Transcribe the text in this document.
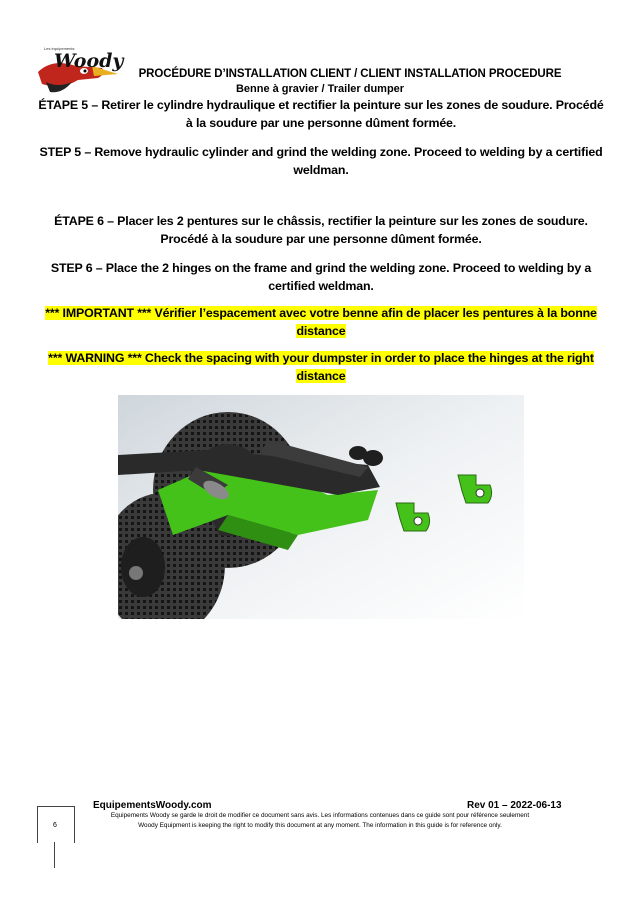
Les équipements
Woody
PROCÉDURE D’INSTALLATION CLIENT / CLIENT INSTALLATION PROCEDURE
Benne à gravier / Trailer dumper
ÉTAPE 5 – Retirer le cylindre hydraulique et rectifier la peinture sur les zones de soudure. Procédé
à la soudure par une personne dûment formée.
STEP 5 – Remove hydraulic cylinder and grind the welding zone. Proceed to welding by a certified
weldman.
ÉTAPE 6 – Placer les 2 pentures sur le châssis, rectifier la peinture sur les zones de soudure.
Procédé à la soudure par une personne dûment formée.
STEP 6 – Place the 2 hinges on the frame and grind the welding zone. Proceed to welding by a
certified weldman.
*** IMPORTANT *** Vérifier l’espacement avec votre benne afin de placer les pentures à la bonne
distance
*** WARNING *** Check the spacing with your dumpster in order to place the hinges at the right
distance
EquipementsWoody.com	Rev 01 – 2022-06-13
Equipements Woody se garde le droit de modifier ce document sans avis. Les informations contenues dans ce guide sont pour référence seulement
Woody Equipment is keeping the right to modify this document at any moment. The information in this guide is for reference only.
6
